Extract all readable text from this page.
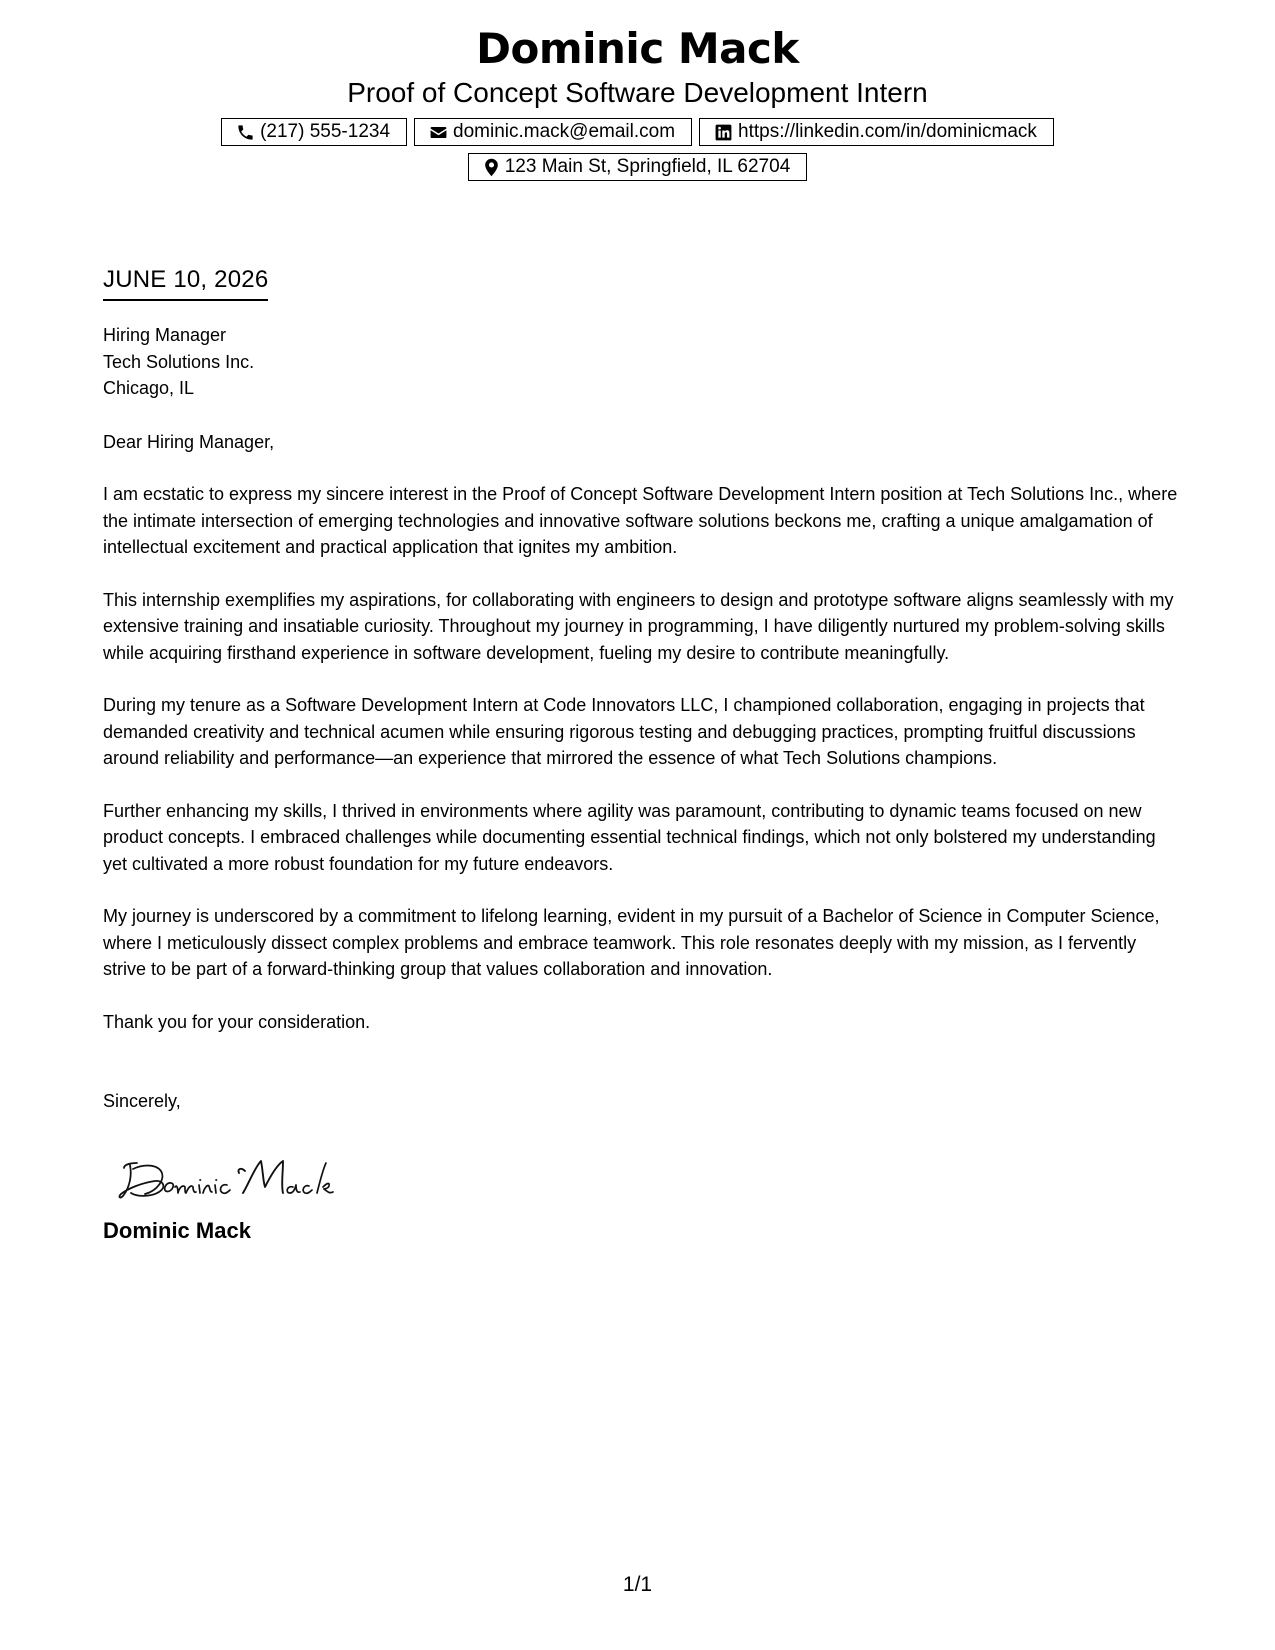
Dominic Mack

Proof of Concept Software Development Intern

(217) 555-1234	dominic.mack@email.com	https://linkedin.com/in/dominicmack
123 Main St, Springfield, IL 62704
JUNE 10, 2026
Hiring Manager
Tech Solutions Inc.
Chicago, IL
Dear Hiring Manager,

I am ecstatic to express my sincere interest in the Proof of Concept Software Development Intern position at Tech Solutions Inc., where the intimate intersection of emerging technologies and innovative software solutions beckons me, crafting a unique amalgamation of intellectual excitement and practical application that ignites my ambition.

This internship exemplifies my aspirations, for collaborating with engineers to design and prototype software aligns seamlessly with my extensive training and insatiable curiosity. Throughout my journey in programming, I have diligently nurtured my problem-solving skills while acquiring firsthand experience in software development, fueling my desire to contribute meaningfully.

During my tenure as a Software Development Intern at Code Innovators LLC, I championed collaboration, engaging in projects that demanded creativity and technical acumen while ensuring rigorous testing and debugging practices, prompting fruitful discussions around reliability and performance—an experience that mirrored the essence of what Tech Solutions champions.

Further enhancing my skills, I thrived in environments where agility was paramount, contributing to dynamic teams focused on new product concepts. I embraced challenges while documenting essential technical findings, which not only bolstered my understanding yet cultivated a more robust foundation for my future endeavors.

My journey is underscored by a commitment to lifelong learning, evident in my pursuit of a Bachelor of Science in Computer Science, where I meticulously dissect complex problems and embrace teamwork. This role resonates deeply with my mission, as I fervently strive to be part of a forward-thinking group that values collaboration and innovation.

Thank you for your consideration.

Sincerely,
Dominic Mack
1/1
